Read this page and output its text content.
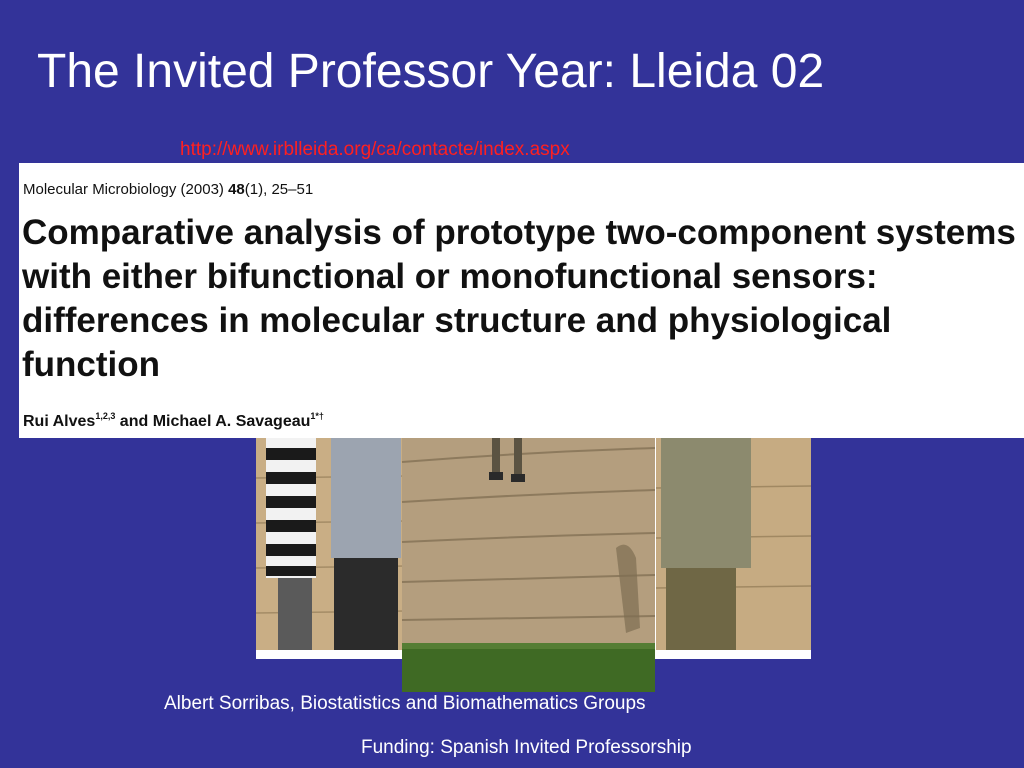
The Invited Professor Year: Lleida 02
http://www.irblleida.org/ca/contacte/index.aspx
Molecular Microbiology (2003) 48(1), 25–51
Comparative analysis of prototype two-component systems with either bifunctional or monofunctional sensors: differences in molecular structure and physiological function
Rui Alves$^{1,2,3}$ and Michael A. Savageau$^{1*\dagger}$
Albert Sorribas, Biostatistics and Biomathematics Groups
Funding: Spanish Invited Professorship
